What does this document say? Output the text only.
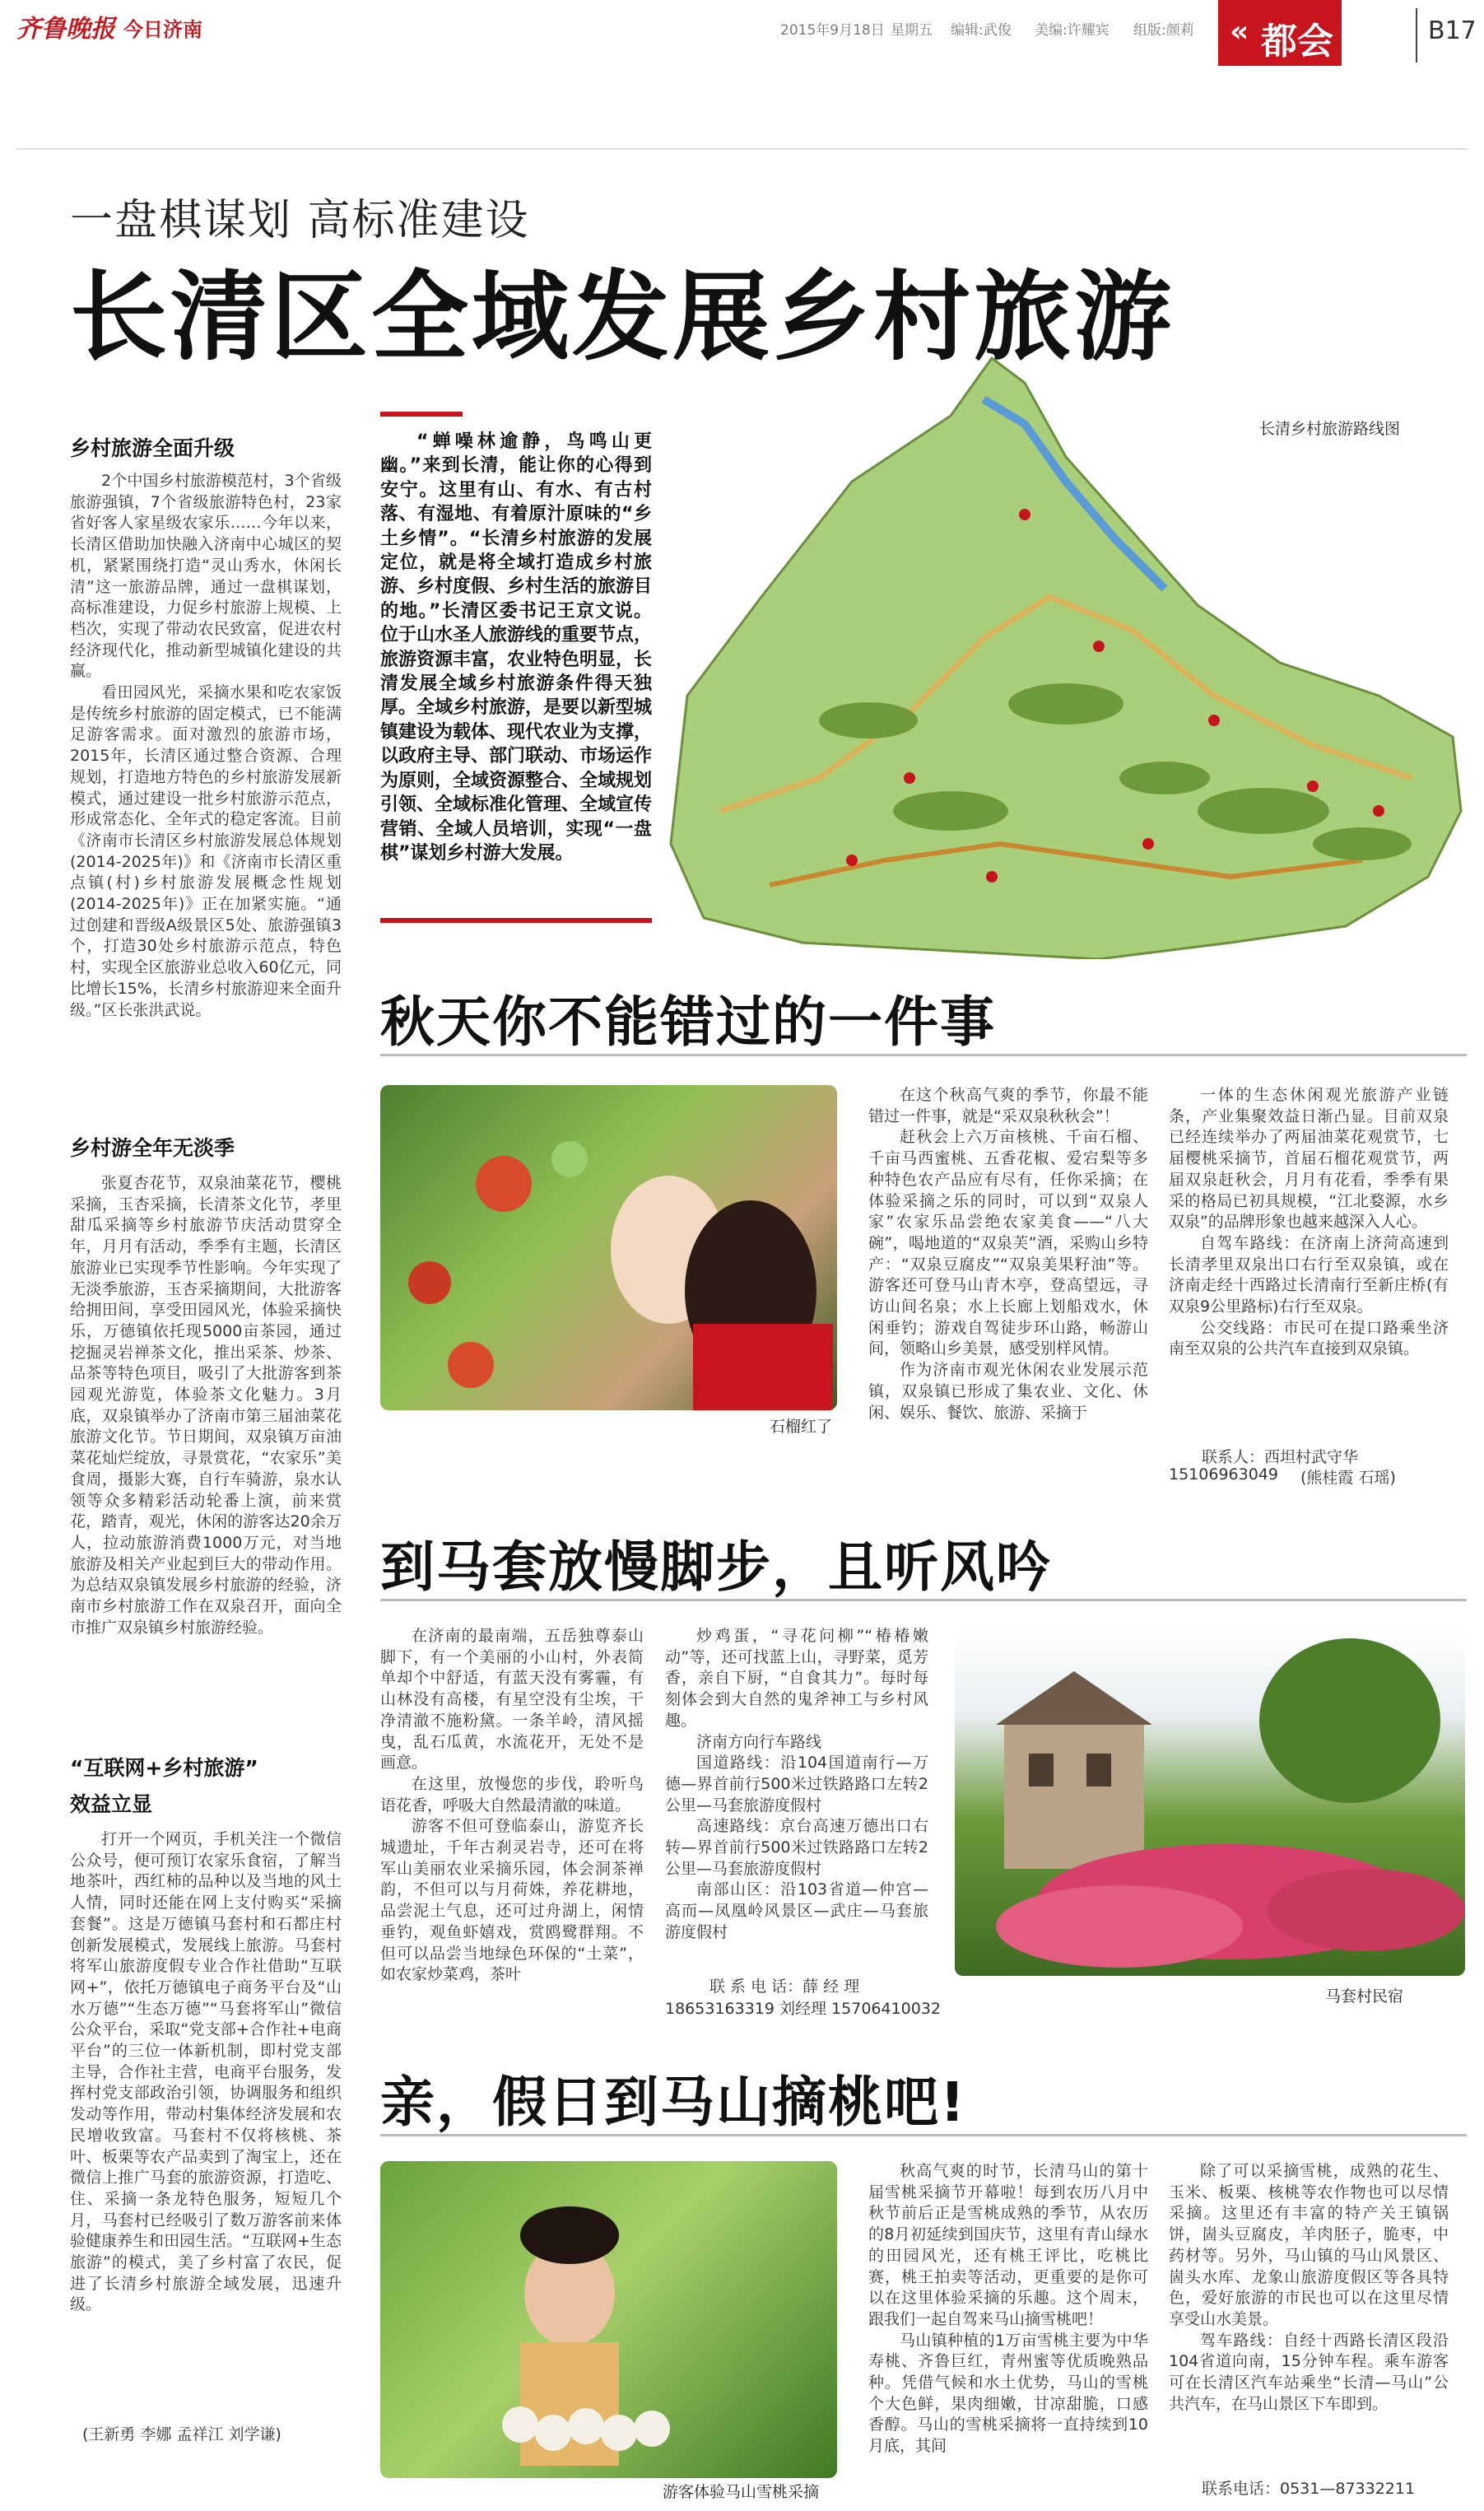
齐鲁晚报 今日济南	2015年9月18日 星期五 编辑:武俊 美编:许耀宾 组版:颜莉 « 都会	B17
一盘棋谋划 高标准建设
长清区全域发展乡村旅游
乡村旅游全面升级

2个中国乡村旅游模范村，3个省级旅游强镇，7个省级旅游特色村，23家省好客人家星级农家乐……今年以来，长清区借助加快融入济南中心城区的契机，紧紧围绕打造“灵山秀水，休闲长清”这一旅游品牌，通过一盘棋谋划，高标准建设，力促乡村旅游上规模、上档次，实现了带动农民致富，促进农村经济现代化，推动新型城镇化建设的共赢。

看田园风光，采摘水果和吃农家饭是传统乡村旅游的固定模式，已不能满足游客需求。面对激烈的旅游市场，2015年，长清区通过整合资源、合理规划，打造地方特色的乡村旅游发展新模式，通过建设一批乡村旅游示范点，形成常态化、全年式的稳定客流。目前《济南市长清区乡村旅游发展总体规划(2014-2025年)》和《济南市长清区重点镇(村)乡村旅游发展概念性规划(2014-2025年)》正在加紧实施。“通过创建和晋级A级景区5处、旅游强镇3个，打造30处乡村旅游示范点，特色村，实现全区旅游业总收入60亿元，同比增长15%，长清乡村旅游迎来全面升级。”区长张洪武说。

乡村游全年无淡季

张夏杏花节，双泉油菜花节，樱桃采摘，玉杏采摘，长清茶文化节，孝里甜瓜采摘等乡村旅游节庆活动贯穿全年，月月有活动，季季有主题，长清区旅游业已实现季节性影响。今年实现了无淡季旅游，玉杏采摘期间，大批游客给拥田间，享受田园风光，体验采摘快乐，万德镇依托现5000亩茶园，通过挖掘灵岩禅茶文化，推出采茶、炒茶、品茶等特色项目，吸引了大批游客到茶园观光游览，体验茶文化魅力。3月底，双泉镇举办了济南市第三届油菜花旅游文化节。节日期间，双泉镇万亩油菜花灿烂绽放，寻景赏花，“农家乐”美食周，摄影大赛，自行车骑游，泉水认领等众多精彩活动轮番上演，前来赏花，踏青，观光，休闲的游客达20余万人，拉动旅游消费1000万元，对当地旅游及相关产业起到巨大的带动作用。为总结双泉镇发展乡村旅游的经验，济南市乡村旅游工作在双泉召开，面向全市推广双泉镇乡村旅游经验。

“互联网+乡村旅游”
效益立显

打开一个网页，手机关注一个微信公众号，便可预订农家乐食宿，了解当地茶叶，西红柿的品种以及当地的风土人情，同时还能在网上支付购买“采摘套餐”。这是万德镇马套村和石都庄村创新发展模式，发展线上旅游。马套村将军山旅游度假专业合作社借助“互联网+”，依托万德镇电子商务平台及“山水万德”“生态万德”“马套将军山”微信公众平台，采取“党支部+合作社+电商平台”的三位一体新机制，即村党支部主导，合作社主营，电商平台服务，发挥村党支部政治引领，协调服务和组织发动等作用，带动村集体经济发展和农民增收致富。马套村不仅将核桃、茶叶、板栗等农产品卖到了淘宝上，还在微信上推广马套的旅游资源，打造吃、住、采摘一条龙特色服务，短短几个月，马套村已经吸引了数万游客前来体验健康养生和田园生活。“互联网+生态旅游”的模式，美了乡村富了农民，促进了长清乡村旅游全域发展，迅速升级。

(王新勇 李娜 孟祥江 刘学谦)

“蝉噪林逾静，鸟鸣山更幽。”来到长清，能让你的心得到安宁。这里有山、有水、有古村落、有湿地、有着原汁原味的“乡土乡情”。“长清乡村旅游的发展定位，就是将全域打造成乡村旅游、乡村度假、乡村生活的旅游目的地。”长清区委书记王京文说。位于山水圣人旅游线的重要节点，旅游资源丰富，农业特色明显，长清发展全域乡村旅游条件得天独厚。全域乡村旅游，是要以新型城镇建设为载体、现代农业为支撑，以政府主导、部门联动、市场运作为原则，全域资源整合、全域规划引领、全域标准化管理、全域宣传营销、全域人员培训，实现“一盘棋”谋划乡村游大发展。

长清乡村旅游路线图
秋天你不能错过的一件事
石榴红了

在这个秋高气爽的季节，你最不能错过一件事，就是“采双泉秋秋会”！

赶秋会上六万亩核桃、千亩石榴、千亩马西蜜桃、五香花椒、爱宕梨等多种特色农产品应有尽有，任你采摘；在体验采摘之乐的同时，可以到“双泉人家”农家乐品尝绝农家美食——“八大碗”，喝地道的“双泉芙”酒，采购山乡特产：“双泉豆腐皮”“双泉美果籽油”等。游客还可登马山青木亭，登高望远，寻访山间名泉；水上长廊上划船戏水，休闲垂钓；游戏自驾徒步环山路，畅游山间，领略山乡美景，感受别样风情。

作为济南市观光休闲农业发展示范镇，双泉镇已形成了集农业、文化、休闲、娱乐、餐饮、旅游、采摘于

一体的生态休闲观光旅游产业链条，产业集聚效益日渐凸显。目前双泉已经连续举办了两届油菜花观赏节，七届樱桃采摘节，首届石榴花观赏节，两届双泉赶秋会，月月有花看，季季有果采的格局已初具规模，“江北婺源，水乡双泉”的品牌形象也越来越深入人心。

自驾车路线：在济南上济菏高速到长清孝里双泉出口右行至双泉镇，或在济南走经十西路过长清南行至新庄桥(有双泉9公里路标)右行至双泉。

公交线路：市民可在提口路乘坐济南至双泉的公共汽车直接到双泉镇。

联系人：西坦村武守华
15106963049 (熊桂霞 石瑶)
到马套放慢脚步，且听风吟

在济南的最南端，五岳独尊泰山脚下，有一个美丽的小山村，外表简单却个中舒适，有蓝天没有雾霾，有山林没有高楼，有星空没有尘埃，干净清澈不施粉黛。一条羊岭，清风摇曳，乱石瓜黄，水流花开，无处不是画意。

在这里，放慢您的步伐，聆听鸟语花香，呼吸大自然最清澈的味道。

游客不但可登临泰山，游览齐长城遗址，千年古刹灵岩寺，还可在将军山美丽农业采摘乐园，体会洞茶禅韵，不但可以与月荷姝，养花耕地，品尝泥土气息，还可过舟湖上，闲情垂钓，观鱼虾嬉戏，赏鸥鹭群翔。不但可以品尝当地绿色环保的“土菜”，如农家炒菜鸡，茶叶

炒鸡蛋，“寻花问柳”“椿椿嫩动”等，还可找蓝上山，寻野菜，觅芳香，亲自下厨，“自食其力”。每时每刻体会到大自然的鬼斧神工与乡村风趣。

济南方向行车路线

国道路线：沿104国道南行—万德—界首前行500米过铁路路口左转2公里—马套旅游度假村

高速路线：京台高速万德出口右转—界首前行500米过铁路路口左转2公里—马套旅游度假村

南部山区：沿103省道—仲宫—高而—凤凰岭风景区—武庄—马套旅游度假村

联 系 电 话：薛 经 理
18653163319 刘经理 15706410032
马套村民宿
亲，假日到马山摘桃吧!
游客体验马山雪桃采摘

秋高气爽的时节，长清马山的第十届雪桃采摘节开幕啦！每到农历八月中秋节前后正是雪桃成熟的季节，从农历的8月初延续到国庆节，这里有青山绿水的田园风光，还有桃王评比，吃桃比赛，桃王拍卖等活动，更重要的是你可以在这里体验采摘的乐趣。这个周末，跟我们一起自驾来马山摘雪桃吧！

马山镇种植的1万亩雪桃主要为中华寿桃、齐鲁巨红，青州蜜等优质晚熟品种。凭借气候和水土优势，马山的雪桃个大色鲜，果肉细嫩，甘凉甜脆，口感香醇。马山的雪桃采摘将一直持续到10月底，其间

除了可以采摘雪桃，成熟的花生、玉米、板栗、核桃等农作物也可以尽情采摘。这里还有丰富的特产关王镇锅饼，崮头豆腐皮，羊肉胚子，脆枣，中药材等。另外，马山镇的马山风景区、崮头水库、龙象山旅游度假区等各具特色，爱好旅游的市民也可以在这里尽情享受山水美景。

驾车路线：自经十西路长清区段沿104省道向南，15分钟车程。乘车游客可在长清区汽车站乘坐“长清—马山”公共汽车，在马山景区下车即到。

联系电话：0531—87332211
